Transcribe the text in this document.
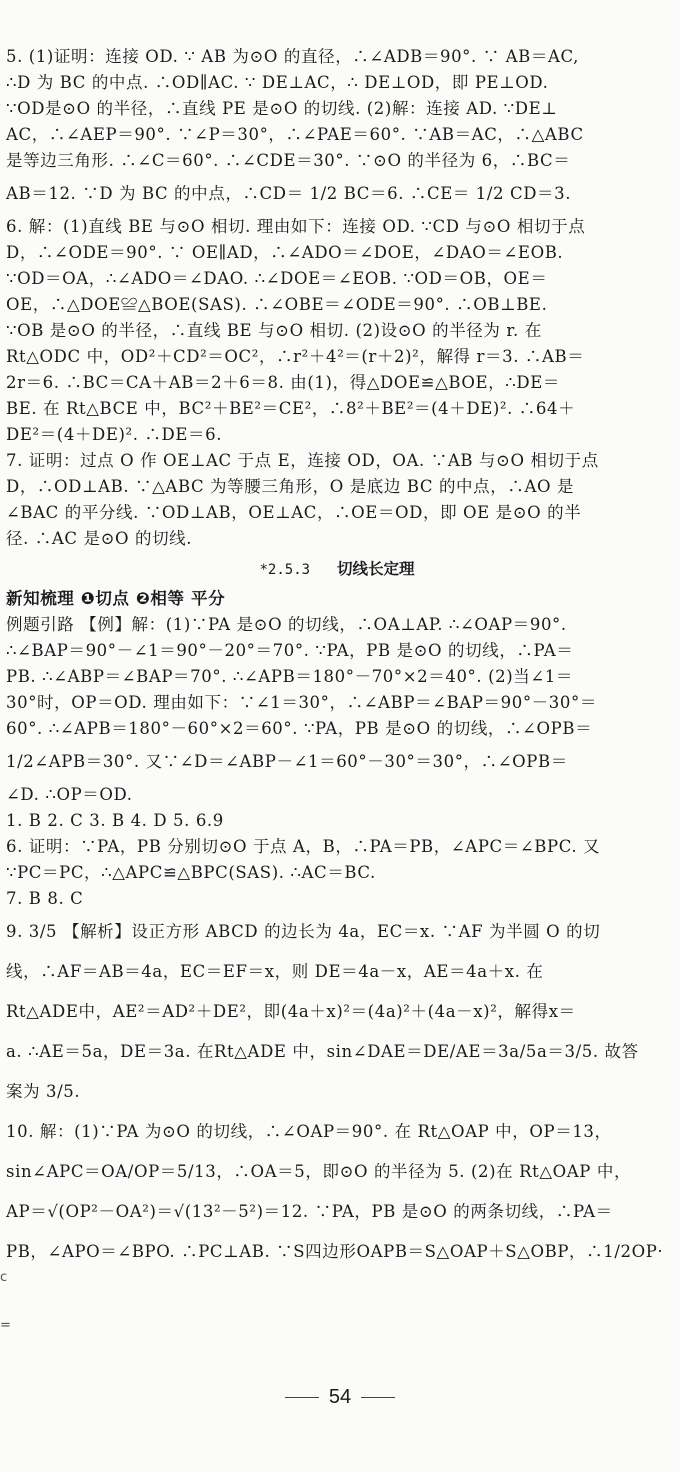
5. (1)证明：连接 OD. ∵ AB 为⊙O 的直径，∴∠ADB＝90°. ∵ AB＝AC,
∴D 为 BC 的中点. ∴OD∥AC. ∵ DE⊥AC，∴ DE⊥OD，即 PE⊥OD.
∵OD是⊙O 的半径，∴直线 PE 是⊙O 的切线. (2)解：连接 AD. ∵DE⊥
AC，∴∠AEP＝90°. ∵∠P＝30°，∴∠PAE＝60°. ∵AB＝AC，∴△ABC
是等边三角形. ∴∠C＝60°. ∴∠CDE＝30°. ∵⊙O 的半径为 6，∴BC＝
AB＝12. ∵D 为 BC 的中点，∴CD＝ 1/2 BC＝6. ∴CE＝ 1/2 CD＝3.
6. 解：(1)直线 BE 与⊙O 相切. 理由如下：连接 OD. ∵CD 与⊙O 相切于点
D，∴∠ODE＝90°. ∵ OE∥AD，∴∠ADO＝∠DOE，∠DAO＝∠EOB.
∵OD＝OA，∴∠ADO＝∠DAO. ∴∠DOE＝∠EOB. ∵OD＝OB，OE＝
OE，∴△DOE≌△BOE(SAS). ∴∠OBE＝∠ODE＝90°. ∴OB⊥BE.
∵OB 是⊙O 的半径，∴直线 BE 与⊙O 相切. (2)设⊙O 的半径为 r. 在
Rt△ODC 中，OD²＋CD²＝OC²，∴r²＋4²＝(r＋2)²，解得 r＝3. ∴AB＝
2r＝6. ∴BC＝CA＋AB＝2＋6＝8. 由(1)，得△DOE≌△BOE，∴DE＝
BE. 在 Rt△BCE 中，BC²＋BE²＝CE²，∴8²＋BE²＝(4＋DE)². ∴64＋
DE²＝(4＋DE)². ∴DE＝6.
7. 证明：过点 O 作 OE⊥AC 于点 E，连接 OD，OA. ∵AB 与⊙O 相切于点
D，∴OD⊥AB. ∵△ABC 为等腰三角形，O 是底边 BC 的中点，∴AO 是
∠BAC 的平分线. ∵OD⊥AB，OE⊥AC，∴OE＝OD，即 OE 是⊙O 的半
径. ∴AC 是⊙O 的切线.
*2.5.3 切线长定理
新知梳理 ❶切点 ❷相等 平分
例题引路 【例】解：(1)∵PA 是⊙O 的切线，∴OA⊥AP. ∴∠OAP＝90°.
∴∠BAP＝90°－∠1＝90°－20°＝70°. ∵PA，PB 是⊙O 的切线，∴PA＝
PB. ∴∠ABP＝∠BAP＝70°. ∴∠APB＝180°－70°×2＝40°. (2)当∠1＝
30°时，OP＝OD. 理由如下：∵∠1＝30°，∴∠ABP＝∠BAP＝90°－30°＝
60°. ∴∠APB＝180°－60°×2＝60°. ∵PA，PB 是⊙O 的切线，∴∠OPB＝
1/2∠APB＝30°. 又∵∠D＝∠ABP－∠1＝60°－30°＝30°，∴∠OPB＝
∠D. ∴OP＝OD.
1. B 2. C 3. B 4. D 5. 6.9
6. 证明：∵PA，PB 分别切⊙O 于点 A，B，∴PA＝PB，∠APC＝∠BPC. 又
∵PC＝PC，∴△APC≌△BPC(SAS). ∴AC＝BC.
7. B 8. C
9. 3/5 【解析】设正方形 ABCD 的边长为 4a，EC＝x. ∵AF 为半圆 O 的切
线，∴AF＝AB＝4a，EC＝EF＝x，则 DE＝4a－x，AE＝4a＋x. 在
Rt△ADE中，AE²＝AD²＋DE²，即(4a＋x)²＝(4a)²＋(4a－x)²，解得x＝
a. ∴AE＝5a，DE＝3a. 在Rt△ADE 中，sin∠DAE＝DE/AE＝3a/5a＝3/5. 故答
案为 3/5.
10. 解：(1)∵PA 为⊙O 的切线，∴∠OAP＝90°. 在 Rt△OAP 中，OP＝13，
sin∠APC＝OA/OP＝5/13，∴OA＝5，即⊙O 的半径为 5. (2)在 Rt△OAP 中，
AP＝√(OP²－OA²)＝√(13²－5²)＝12. ∵PA，PB 是⊙O 的两条切线，∴PA＝
PB，∠APO＝∠BPO. ∴PC⊥AB. ∵S四边形OAPB＝S△OAP＋S△OBP，∴1/2OP·
c
=
54
